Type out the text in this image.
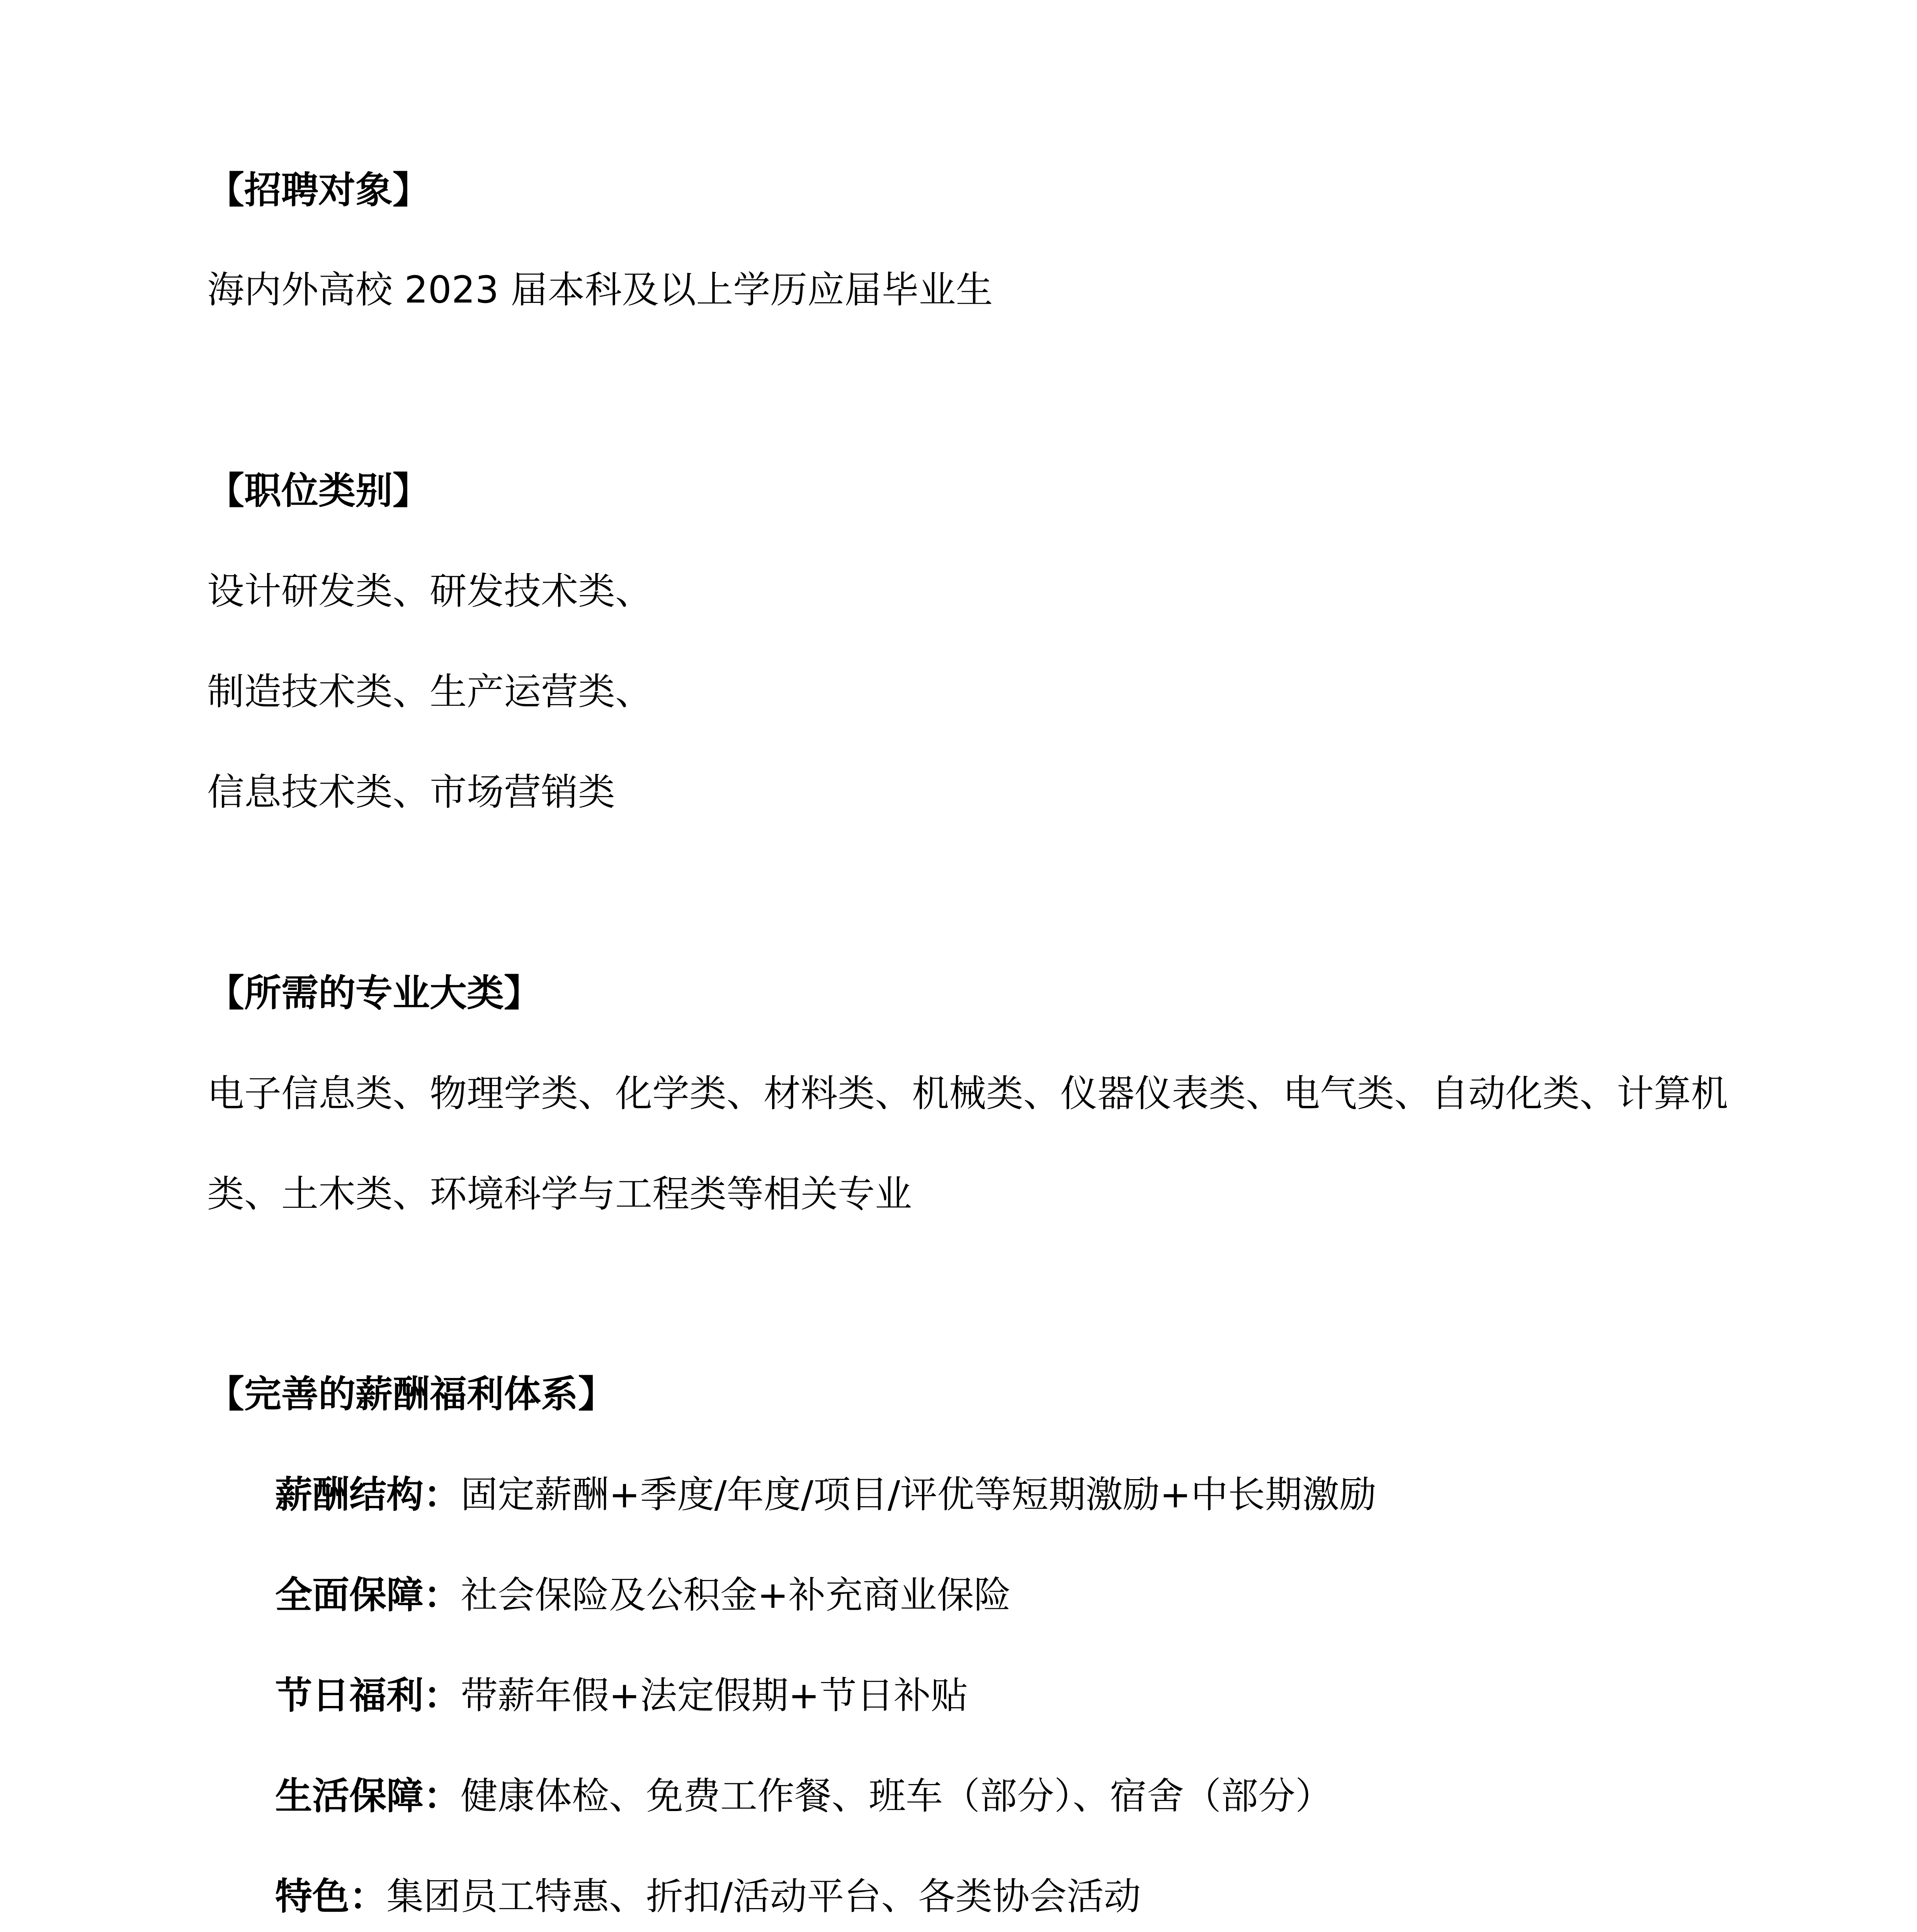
【招聘对象】
海内外高校 2023 届本科及以上学历应届毕业生
【职位类别】
设计研发类、研发技术类、
制造技术类、生产运营类、
信息技术类、市场营销类
【所需的专业大类】
电子信息类、物理学类、化学类、材料类、机械类、仪器仪表类、电气类、自动化类、计算机
类、土木类、环境科学与工程类等相关专业
【完善的薪酬福利体系】
薪酬结构：固定薪酬+季度/年度/项目/评优等短期激励+中长期激励
全面保障：社会保险及公积金+补充商业保险
节日福利：带薪年假+法定假期+节日补贴
生活保障：健康体检、免费工作餐、班车（部分）、宿舍（部分）
特色：集团员工特惠、折扣/活动平台、各类协会活动
